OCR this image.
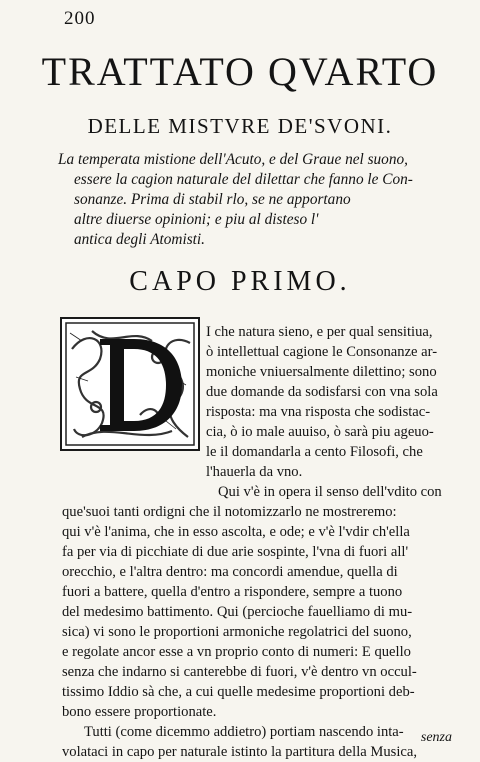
200
TRATTATO QVARTO
DELLE MISTVRE DE'SVONI.
La temperata mistione dell'Acuto, e del Graue nel suono,
essere la cagion naturale del dilettar che fanno le Con-
sonanze. Prima di stabil rlo, se ne apportano
altre diuerse opinioni; e piu al disteso l'
antica degli Atomisti.
CAPO PRIMO.
I che natura sieno, e per qual sensitiua,
ò intellettual cagione le Consonanze ar-
moniche vniuersalmente dilettino; sono
due domande da sodisfarsi con vna sola
risposta: ma vna risposta che sodistac-
cia, ò io male auuiso, ò sarà piu ageuo-
le il domandarla a cento Filosofi, che
l'hauerla da vno.
Qui v'è in opera il senso dell'vdito con
que'suoi tanti ordigni che il notomizzarlo ne mostreremo:
qui v'è l'anima, che in esso ascolta, e ode; e v'è l'vdir ch'ella
fa per via di picchiate di due arie sospinte, l'vna di fuori all'
orecchio, e l'altra dentro: ma concordi amendue, quella di
fuori a battere, quella d'entro a rispondere, sempre a tuono
del medesimo battimento. Qui (percioche fauelliamo di mu-
sica) vi sono le proportioni armoniche regolatrici del suono,
e regolate ancor esse a vn proprio conto di numeri: E quello
senza che indarno si canterebbe di fuori, v'è dentro vn occul-
tissimo Iddio sà che, a cui quelle medesime proportioni deb-
bono essere proportionate.
Tutti (come dicemmo addietro) portiam nascendo inta-
volataci in capo per naturale istinto la partitura della Musica,
senza
